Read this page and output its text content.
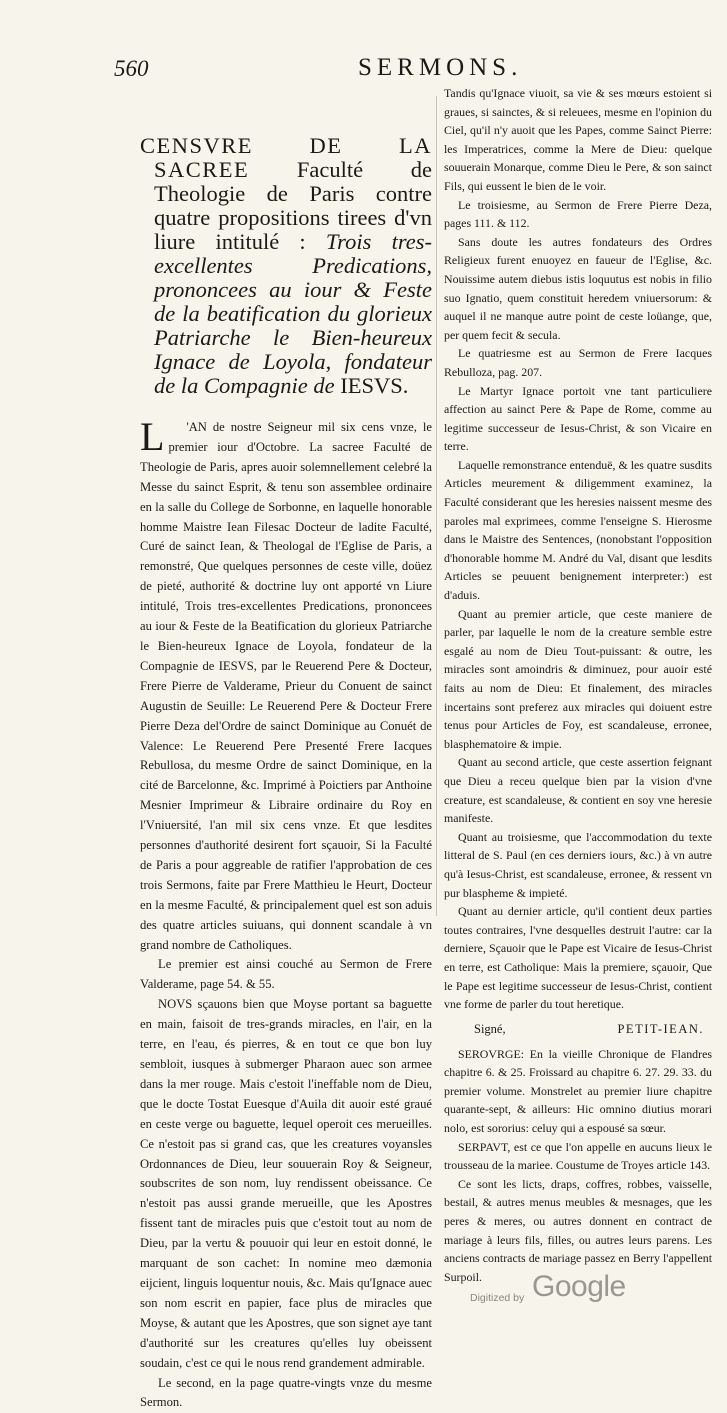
560	SERMONS.

CENSVRE DE LA SACREE Faculté de Theologie de Paris contre quatre propositions tirees d'vn liure intitulé : Trois tres-excellentes Predications, prononcees au iour & Feste de la beatification du glorieux Patriarche le Bien-heureux Ignace de Loyola, fondateur de la Compagnie de IESVS.

L 'AN de nostre Seigneur mil six cens vnze, le premier iour d'Octobre. La sacree Faculté de Theologie de Paris, apres auoir solemnellement celebré la Messe du sainct Esprit, & tenu son assemblee ordinaire en la salle du College de Sorbonne, en laquelle honorable homme Maistre Iean Filesac Docteur de ladite Faculté, Curé de sainct Iean, & Theologal de l'Eglise de Paris, a remonstré, Que quelques personnes de ceste ville, doüez de pieté, authorité & doctrine luy ont apporté vn Liure intitulé, Trois tres-excellentes Predications, prononcees au iour & Feste de la Beatification du glorieux Patriarche le Bien-heureux Ignace de Loyola, fondateur de la Compagnie de IESVS, par le Reuerend Pere & Docteur, Frere Pierre de Valderame, Prieur du Conuent de sainct Augustin de Seuille: Le Reuerend Pere & Docteur Frere Pierre Deza del'Ordre de sainct Dominique au Conuét de Valence: Le Reuerend Pere Presenté Frere Iacques Rebullosa, du mesme Ordre de sainct Dominique, en la cité de Barcelonne, &c. Imprimé à Poictiers par Anthoine Mesnier Imprimeur & Libraire ordinaire du Roy en l'Vniuersité, l'an mil six cens vnze. Et que lesdites personnes d'authorité desirent fort sçauoir, Si la Faculté de Paris a pour aggreable de ratifier l'approbation de ces trois Sermons, faite par Frere Matthieu le Heurt, Docteur en la mesme Faculté, & principalement quel est son aduis des quatre articles suiuans, qui donnent scandale à vn grand nombre de Catholiques.

Le premier est ainsi couché au Sermon de Frere Valderame, page 54. & 55.

NOVS sçauons bien que Moyse portant sa baguette en main, faisoit de tres-grands miracles, en l'air, en la terre, en l'eau, és pierres, & en tout ce que bon luy sembloit, iusques à submerger Pharaon auec son armee dans la mer rouge. Mais c'estoit l'ineffable nom de Dieu, que le docte Tostat Euesque d'Auila dit auoir esté graué en ceste verge ou baguette, lequel operoit ces merueilles. Ce n'estoit pas si grand cas, que les creatures voyansles Ordonnances de Dieu, leur souuerain Roy & Seigneur, soubscrites de son nom, luy rendissent obeissance. Ce n'estoit pas aussi grande merueille, que les Apostres fissent tant de miracles puis que c'estoit tout au nom de Dieu, par la vertu & pouuoir qui leur en estoit donné, le marquant de son cachet: In nomine meo dæmonia eijcient, linguis loquentur nouis, &c. Mais qu'Ignace auec son nom escrit en papier, face plus de miracles que Moyse, & autant que les Apostres, que son signet aye tant d'authorité sur les creatures qu'elles luy obeissent soudain, c'est ce qui le nous rend grandement admirable.

Le second, en la page quatre-vingts vnze du mesme Sermon.

Tandis qu'Ignace viuoit, sa vie & ses mœurs estoient si graues, si sainctes, & si releuees, mesme en l'opinion du Ciel, qu'il n'y auoit que les Papes, comme Sainct Pierre: les Imperatrices, comme la Mere de Dieu: quelque souuerain Monarque, comme Dieu le Pere, & son sainct Fils, qui eussent le bien de le voir.

Le troisiesme, au Sermon de Frere Pierre Deza, pages 111. & 112.

Sans doute les autres fondateurs des Ordres Religieux furent enuoyez en faueur de l'Eglise, &c. Nouissime autem diebus istis loquutus est nobis in filio suo Ignatio, quem constituit heredem vniuersorum: & auquel il ne manque autre point de ceste loüange, que, per quem fecit & secula.

Le quatriesme est au Sermon de Frere Iacques Rebulloza, pag. 207.

Le Martyr Ignace portoit vne tant particuliere affection au sainct Pere & Pape de Rome, comme au legitime successeur de Iesus-Christ, & son Vicaire en terre.

Laquelle remonstrance entenduë, & les quatre susdits Articles meurement & diligemment examinez, la Faculté considerant que les heresies naissent mesme des paroles mal exprimees, comme l'enseigne S. Hierosme dans le Maistre des Sentences, (nonobstant l'opposition d'honorable homme M. André du Val, disant que lesdits Articles se peuuent benignement interpreter:) est d'aduis.

Quant au premier article, que ceste maniere de parler, par laquelle le nom de la creature semble estre esgalé au nom de Dieu Tout-puissant: & outre, les miracles sont amoindris & diminuez, pour auoir esté faits au nom de Dieu: Et finalement, des miracles incertains sont preferez aux miracles qui doiuent estre tenus pour Articles de Foy, est scandaleuse, erronee, blasphematoire & impie.

Quant au second article, que ceste assertion feignant que Dieu a receu quelque bien par la vision d'vne creature, est scandaleuse, & contient en soy vne heresie manifeste.

Quant au troisiesme, que l'accommodation du texte litteral de S. Paul (en ces derniers iours, &c.) à vn autre qu'à Iesus-Christ, est scandaleuse, erronee, & ressent vn pur blaspheme & impieté.

Quant au dernier article, qu'il contient deux parties toutes contraires, l'vne desquelles destruit l'autre: car la derniere, Sçauoir que le Pape est Vicaire de Iesus-Christ en terre, est Catholique: Mais la premiere, sçauoir, Que le Pape est legitime successeur de Iesus-Christ, contient vne forme de parler du tout heretique.

Signé,	PETIT-IEAN.

SEROVRGE: En la vieille Chronique de Flandres chapitre 6. & 25. Froissard au chapitre 6. 27. 29. 33. du premier volume. Monstrelet au premier liure chapitre quarante-sept, & ailleurs: Hic omnino diutius morari nolo, est sororius: celuy qui a espousé sa sœur.

SERPAVT, est ce que l'on appelle en aucuns lieux le trousseau de la mariee. Coustume de Troyes article 143.

Ce sont les licts, draps, coffres, robbes, vaisselle, bestail, & autres menus meubles & mesnages, que les peres & meres, ou autres donnent en contract de mariage à leurs fils, filles, ou autres leurs parens. Les anciens contracts de mariage passez en Berry l'appellent Surpoil.

Digitized by Google
